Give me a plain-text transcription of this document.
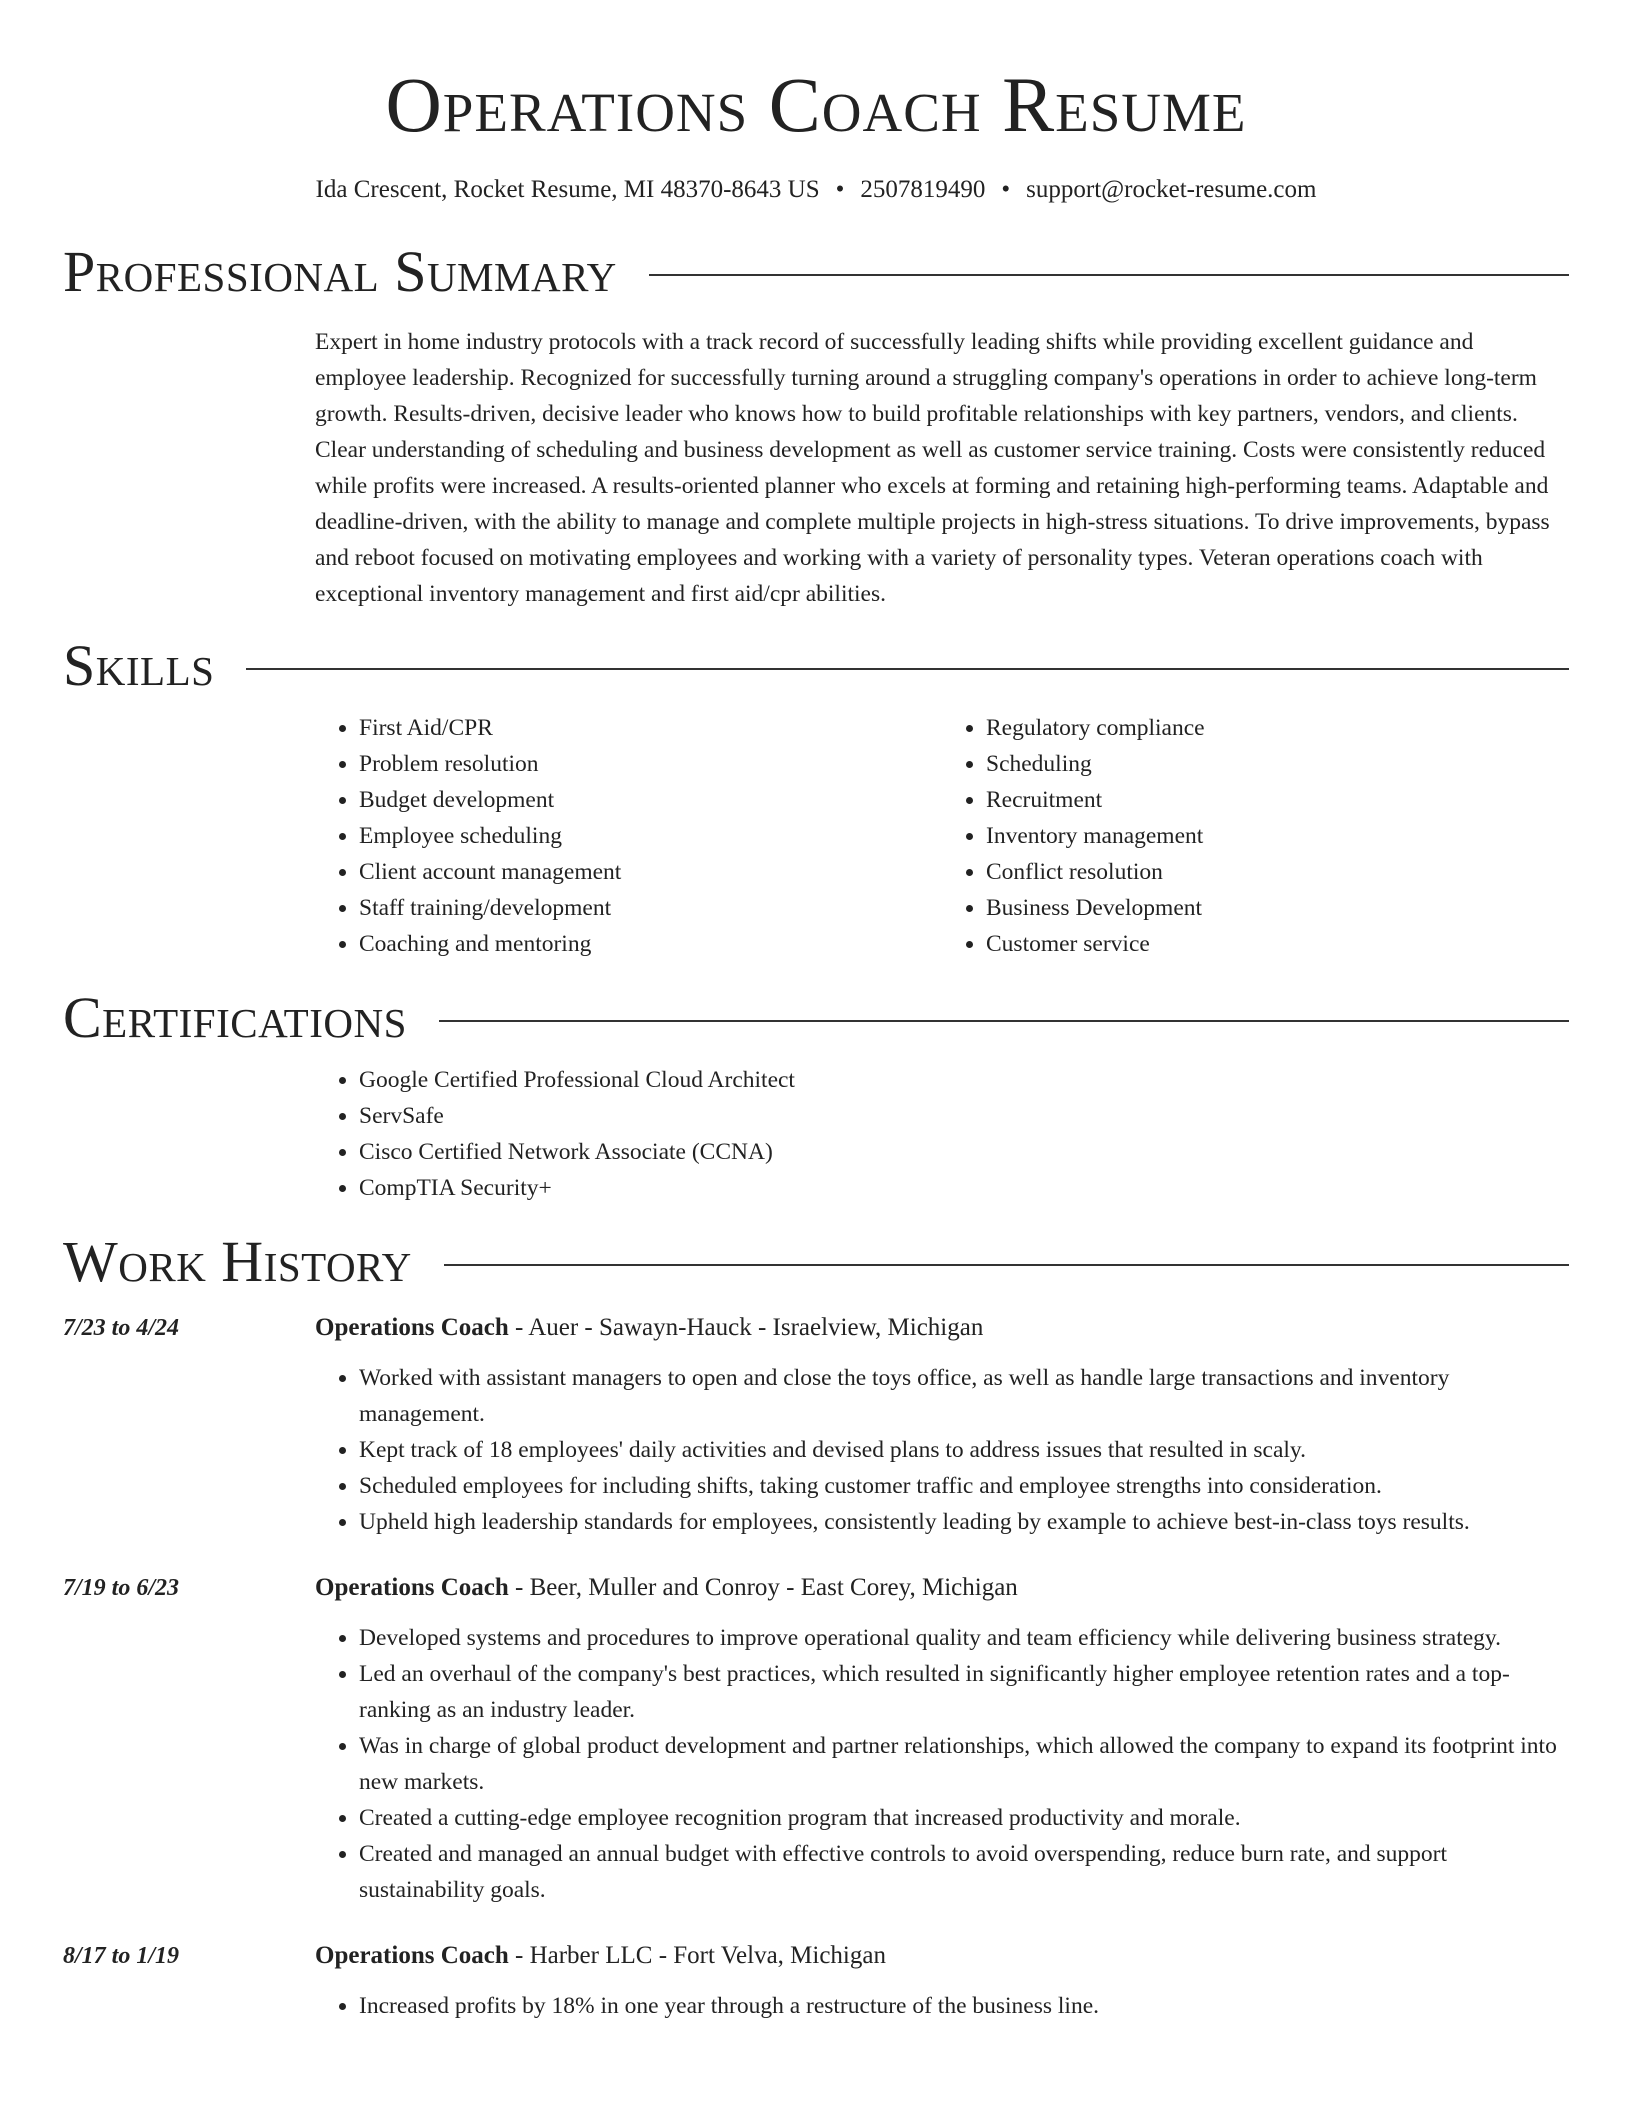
Operations Coach Resume
Ida Crescent, Rocket Resume, MI 48370-8643 US • 2507819490 • support@rocket-resume.com
Professional Summary
Expert in home industry protocols with a track record of successfully leading shifts while providing excellent guidance and employee leadership. Recognized for successfully turning around a struggling company's operations in order to achieve long-term growth. Results-driven, decisive leader who knows how to build profitable relationships with key partners, vendors, and clients. Clear understanding of scheduling and business development as well as customer service training. Costs were consistently reduced while profits were increased. A results-oriented planner who excels at forming and retaining high-performing teams. Adaptable and deadline-driven, with the ability to manage and complete multiple projects in high-stress situations. To drive improvements, bypass and reboot focused on motivating employees and working with a variety of personality types. Veteran operations coach with exceptional inventory management and first aid/cpr abilities.
Skills
• First Aid/CPR
• Problem resolution
• Budget development
• Employee scheduling
• Client account management
• Staff training/development
• Coaching and mentoring
• Regulatory compliance
• Scheduling
• Recruitment
• Inventory management
• Conflict resolution
• Business Development
• Customer service
Certifications
• Google Certified Professional Cloud Architect
• ServSafe
• Cisco Certified Network Associate (CCNA)
• CompTIA Security+
Work History
7/23 to 4/24	Operations Coach - Auer - Sawayn-Hauck - Israelview, Michigan
• Worked with assistant managers to open and close the toys office, as well as handle large transactions and inventory management.
• Kept track of 18 employees' daily activities and devised plans to address issues that resulted in scaly.
• Scheduled employees for including shifts, taking customer traffic and employee strengths into consideration.
• Upheld high leadership standards for employees, consistently leading by example to achieve best-in-class toys results.
7/19 to 6/23	Operations Coach - Beer, Muller and Conroy - East Corey, Michigan
• Developed systems and procedures to improve operational quality and team efficiency while delivering business strategy.
• Led an overhaul of the company's best practices, which resulted in significantly higher employee retention rates and a top-ranking as an industry leader.
• Was in charge of global product development and partner relationships, which allowed the company to expand its footprint into new markets.
• Created a cutting-edge employee recognition program that increased productivity and morale.
• Created and managed an annual budget with effective controls to avoid overspending, reduce burn rate, and support sustainability goals.
8/17 to 1/19	Operations Coach - Harber LLC - Fort Velva, Michigan
• Increased profits by 18% in one year through a restructure of the business line.
